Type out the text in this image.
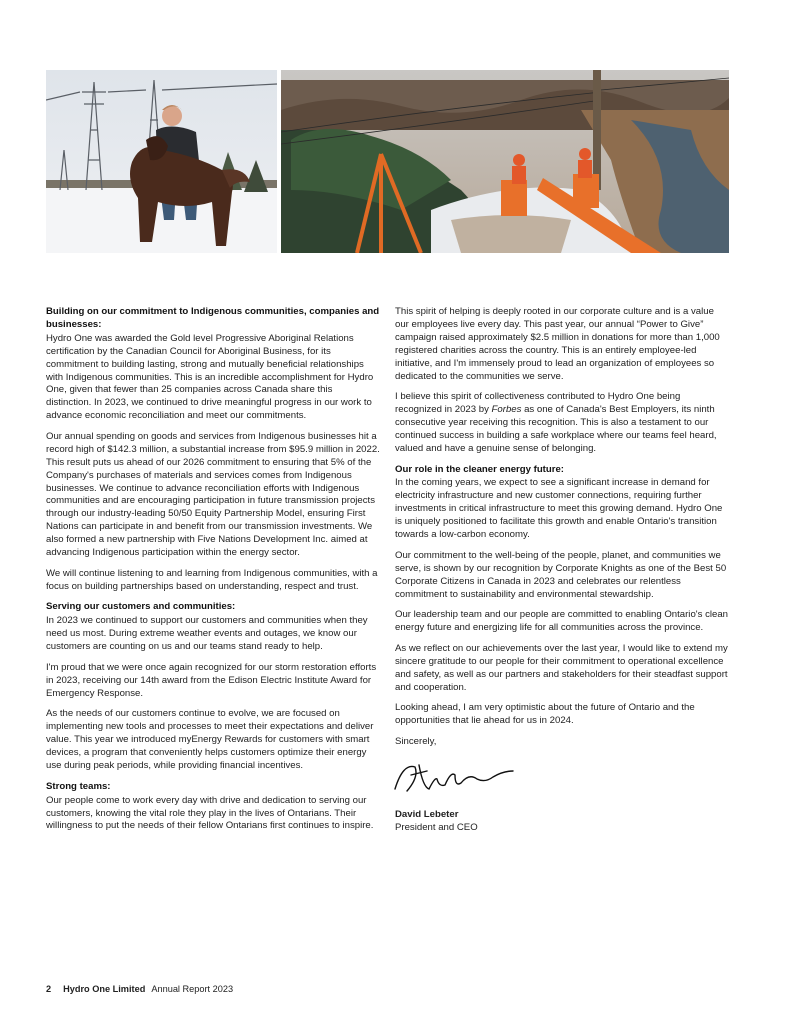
Building on our commitment to Indigenous communities, companies and businesses:

Hydro One was awarded the Gold level Progressive Aboriginal Relations certification by the Canadian Council for Aboriginal Business, for its commitment to building lasting, strong and mutually beneficial relationships with Indigenous communities. This is an incredible accomplishment for Hydro One, given that fewer than 25 companies across Canada share this distinction. In 2023, we continued to drive meaningful progress in our work to advance economic reconciliation and meet our commitments.

Our annual spending on goods and services from Indigenous businesses hit a record high of $142.3 million, a substantial increase from $95.9 million in 2022. This result puts us ahead of our 2026 commitment to ensuring that 5% of the Company's purchases of materials and services comes from Indigenous businesses. We continue to advance reconciliation efforts with Indigenous communities and are encouraging participation in future transmission projects through our industry-leading 50/50 Equity Partnership Model, ensuring First Nations can participate in and benefit from our transmission investments. We also formed a new partnership with Five Nations Development Inc. aimed at advancing Indigenous participation within the energy sector.

We will continue listening to and learning from Indigenous communities, with a focus on building partnerships based on understanding, respect and trust.

Serving our customers and communities:

In 2023 we continued to support our customers and communities when they need us most. During extreme weather events and outages, we know our customers are counting on us and our teams stand ready to help.

I'm proud that we were once again recognized for our storm restoration efforts in 2023, receiving our 14th award from the Edison Electric Institute Award for Emergency Response.

As the needs of our customers continue to evolve, we are focused on implementing new tools and processes to meet their expectations and deliver value. This year we introduced myEnergy Rewards for customers with smart devices, a program that conveniently helps customers optimize their energy use during peak periods, while providing financial incentives.

Strong teams:

Our people come to work every day with drive and dedication to serving our customers, knowing the vital role they play in the lives of Ontarians. Their willingness to put the needs of their fellow Ontarians first continues to inspire.

This spirit of helping is deeply rooted in our corporate culture and is a value our employees live every day. This past year, our annual “Power to Give” campaign raised approximately $2.5 million in donations for more than 1,000 registered charities across the country. This is an entirely employee-led initiative, and I'm immensely proud to lead an organization of employees so dedicated to the communities we serve.

I believe this spirit of collectiveness contributed to Hydro One being recognized in 2023 by Forbes as one of Canada's Best Employers, its ninth consecutive year receiving this recognition. This is also a testament to our continued success in building a safe workplace where our teams feel heard, valued and have a genuine sense of belonging.

Our role in the cleaner energy future:

In the coming years, we expect to see a significant increase in demand for electricity infrastructure and new customer connections, requiring further investments in critical infrastructure to meet this growing demand. Hydro One is uniquely positioned to facilitate this growth and enable Ontario's transition towards a low-carbon economy.

Our commitment to the well-being of the people, planet, and communities we serve, is shown by our recognition by Corporate Knights as one of the Best 50 Corporate Citizens in Canada in 2023 and celebrates our relentless commitment to sustainability and environmental stewardship.

Our leadership team and our people are committed to enabling Ontario's clean energy future and energizing life for all communities across the province.

As we reflect on our achievements over the last year, I would like to extend my sincere gratitude to our people for their commitment to operational excellence and safety, as well as our partners and stakeholders for their steadfast support and cooperation.

Looking ahead, I am very optimistic about the future of Ontario and the opportunities that lie ahead for us in 2024.

Sincerely,

David Lebeter

President and CEO

2 Hydro One Limited Annual Report 2023
